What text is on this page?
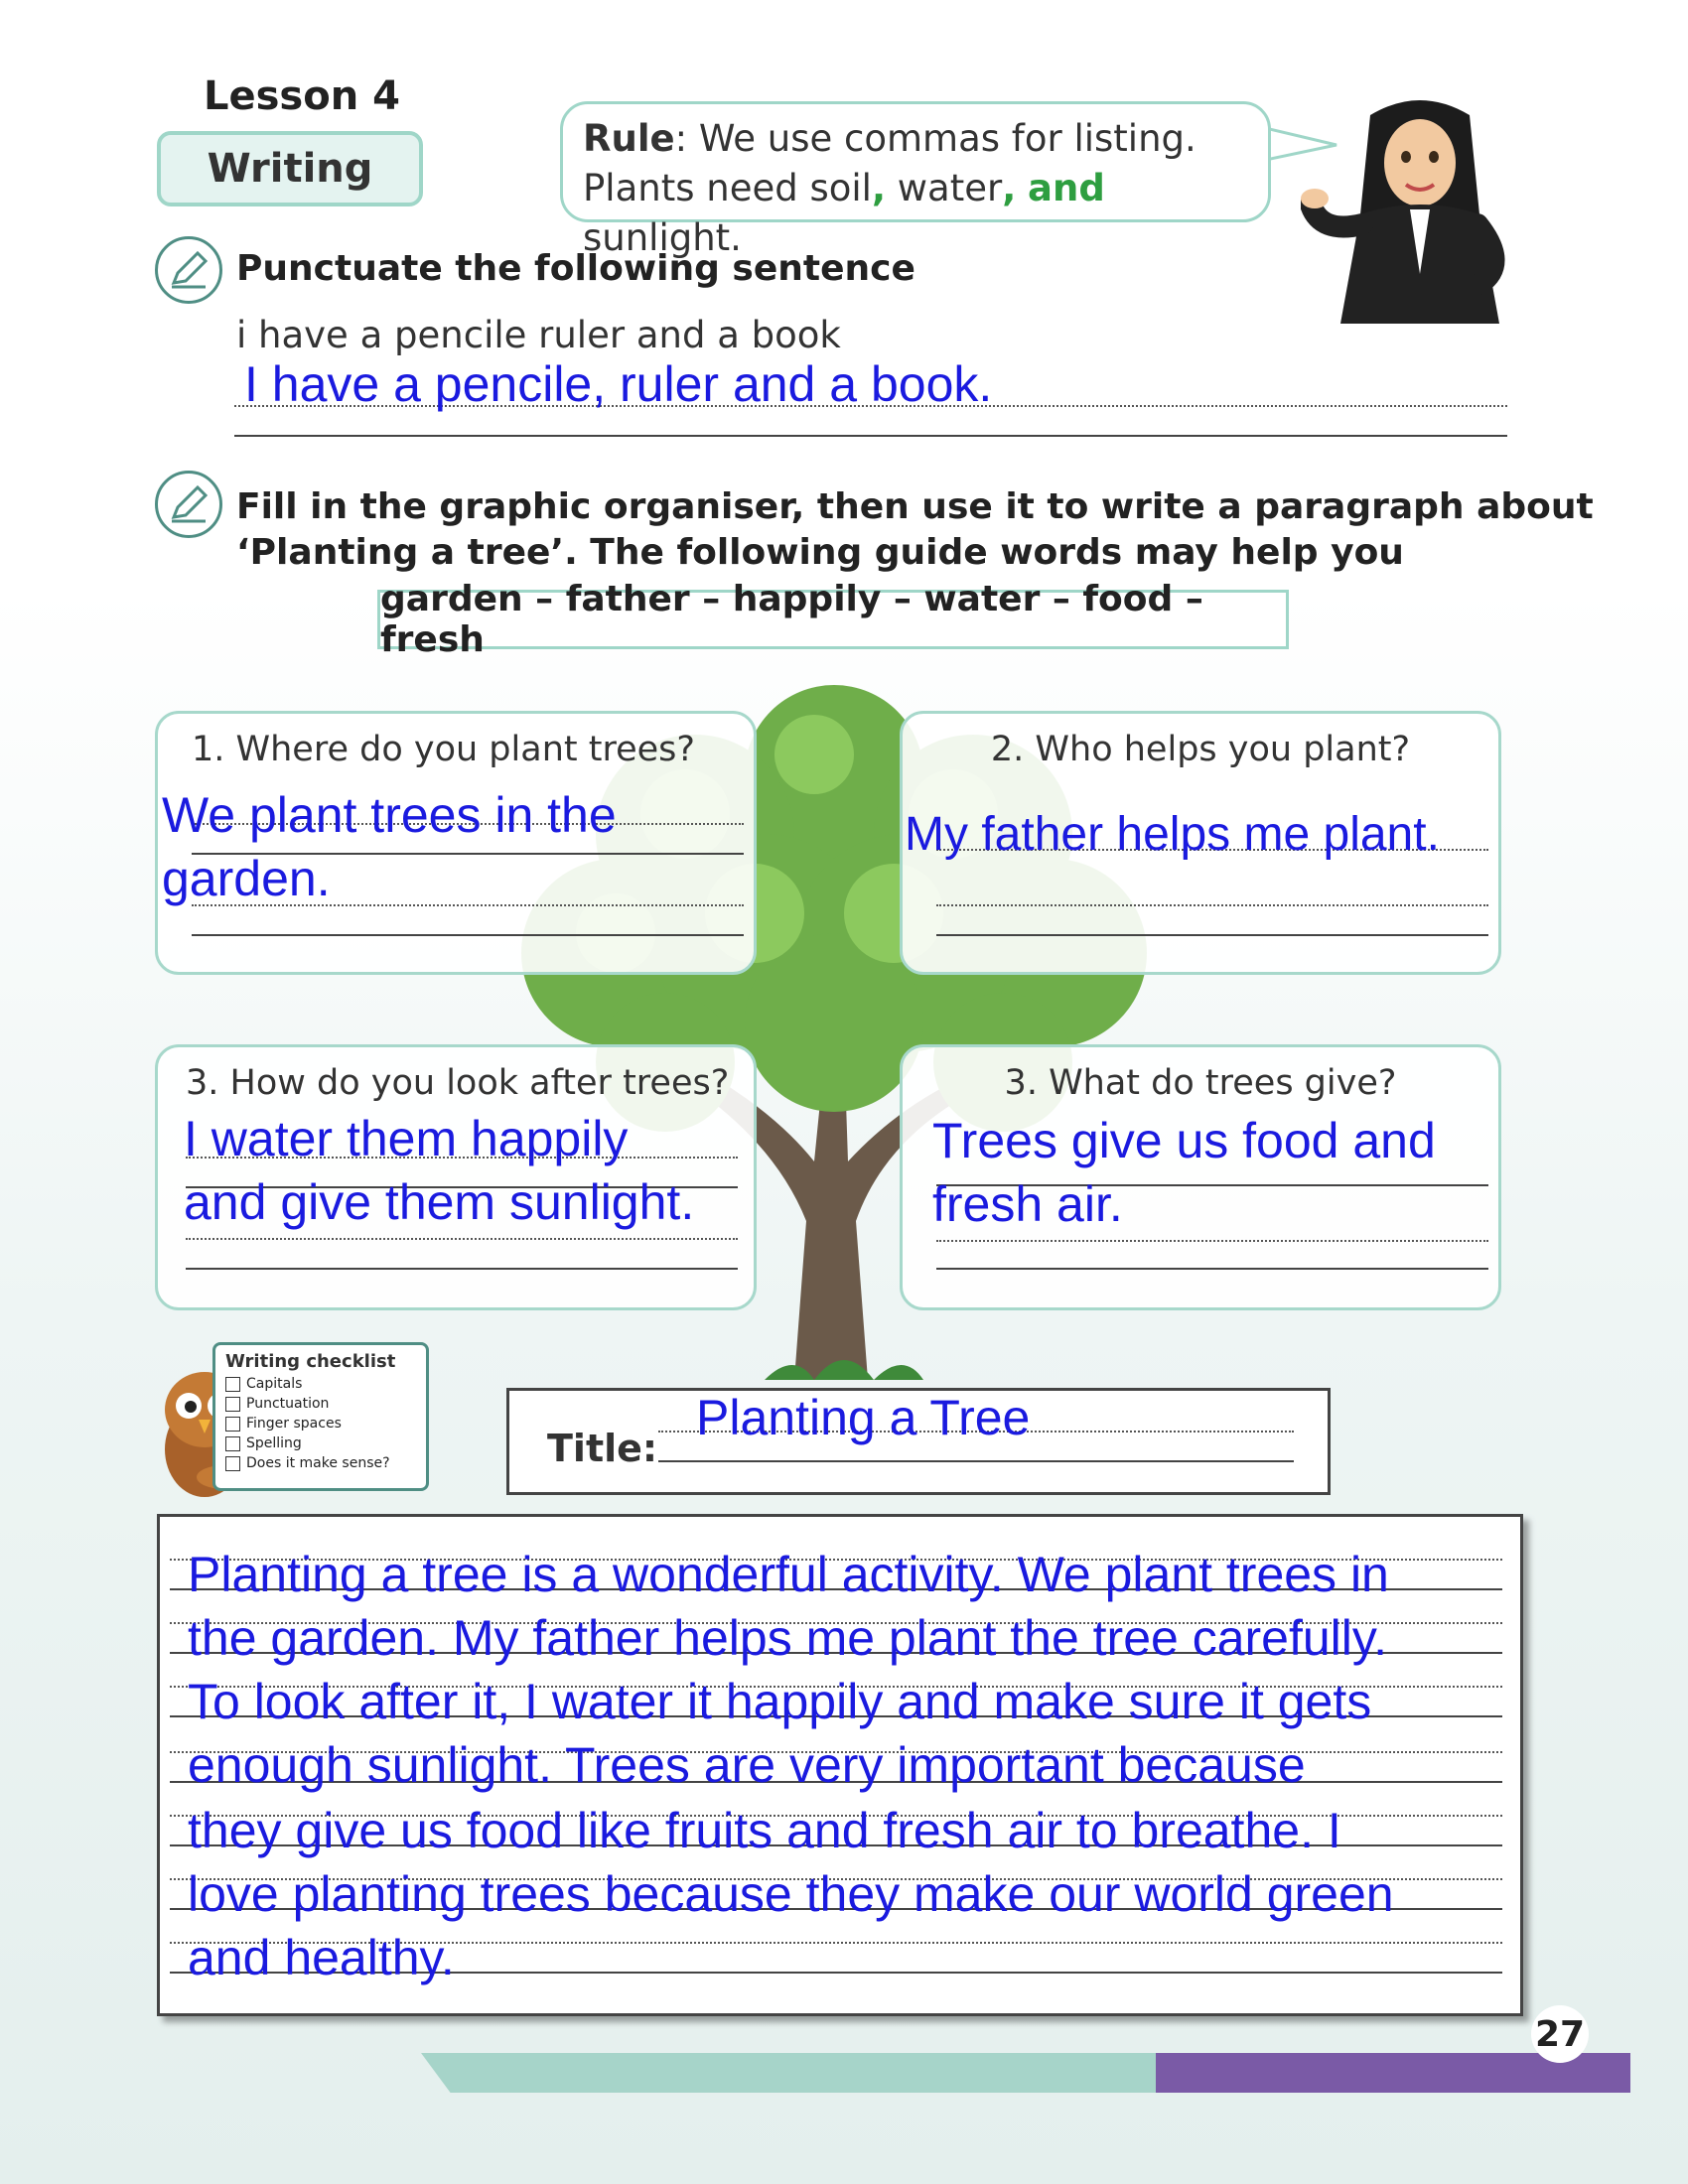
Lesson 4
Writing
Rule: We use commas for listing.
Plants need soil, water, and sunlight.
Punctuate the following sentence
i have a pencile ruler and a book
I have a pencile, ruler and a book.
Fill in the graphic organiser, then use it to write a paragraph about
‘Planting a tree’. The following guide words may help you
garden – father – happily – water – food – fresh
1. Where do you plant trees?
We plant trees in the
garden.
2. Who helps you plant?
My father helps me plant.
3. How do you look after trees?
I water them happily
and give them sunlight.
3. What do trees give?
Trees give us food and
fresh air.
Writing checklist
Capitals
Punctuation
Finger spaces
Spelling
Does it make sense?	Title:
Planting a Tree
Planting a tree is a wonderful activity. We plant trees in
the garden. My father helps me plant the tree carefully.
To look after it, I water it happily and make sure it gets
enough sunlight. Trees are very important because
they give us food like fruits and fresh air to breathe. I
love planting trees because they make our world green
and healthy.
27
